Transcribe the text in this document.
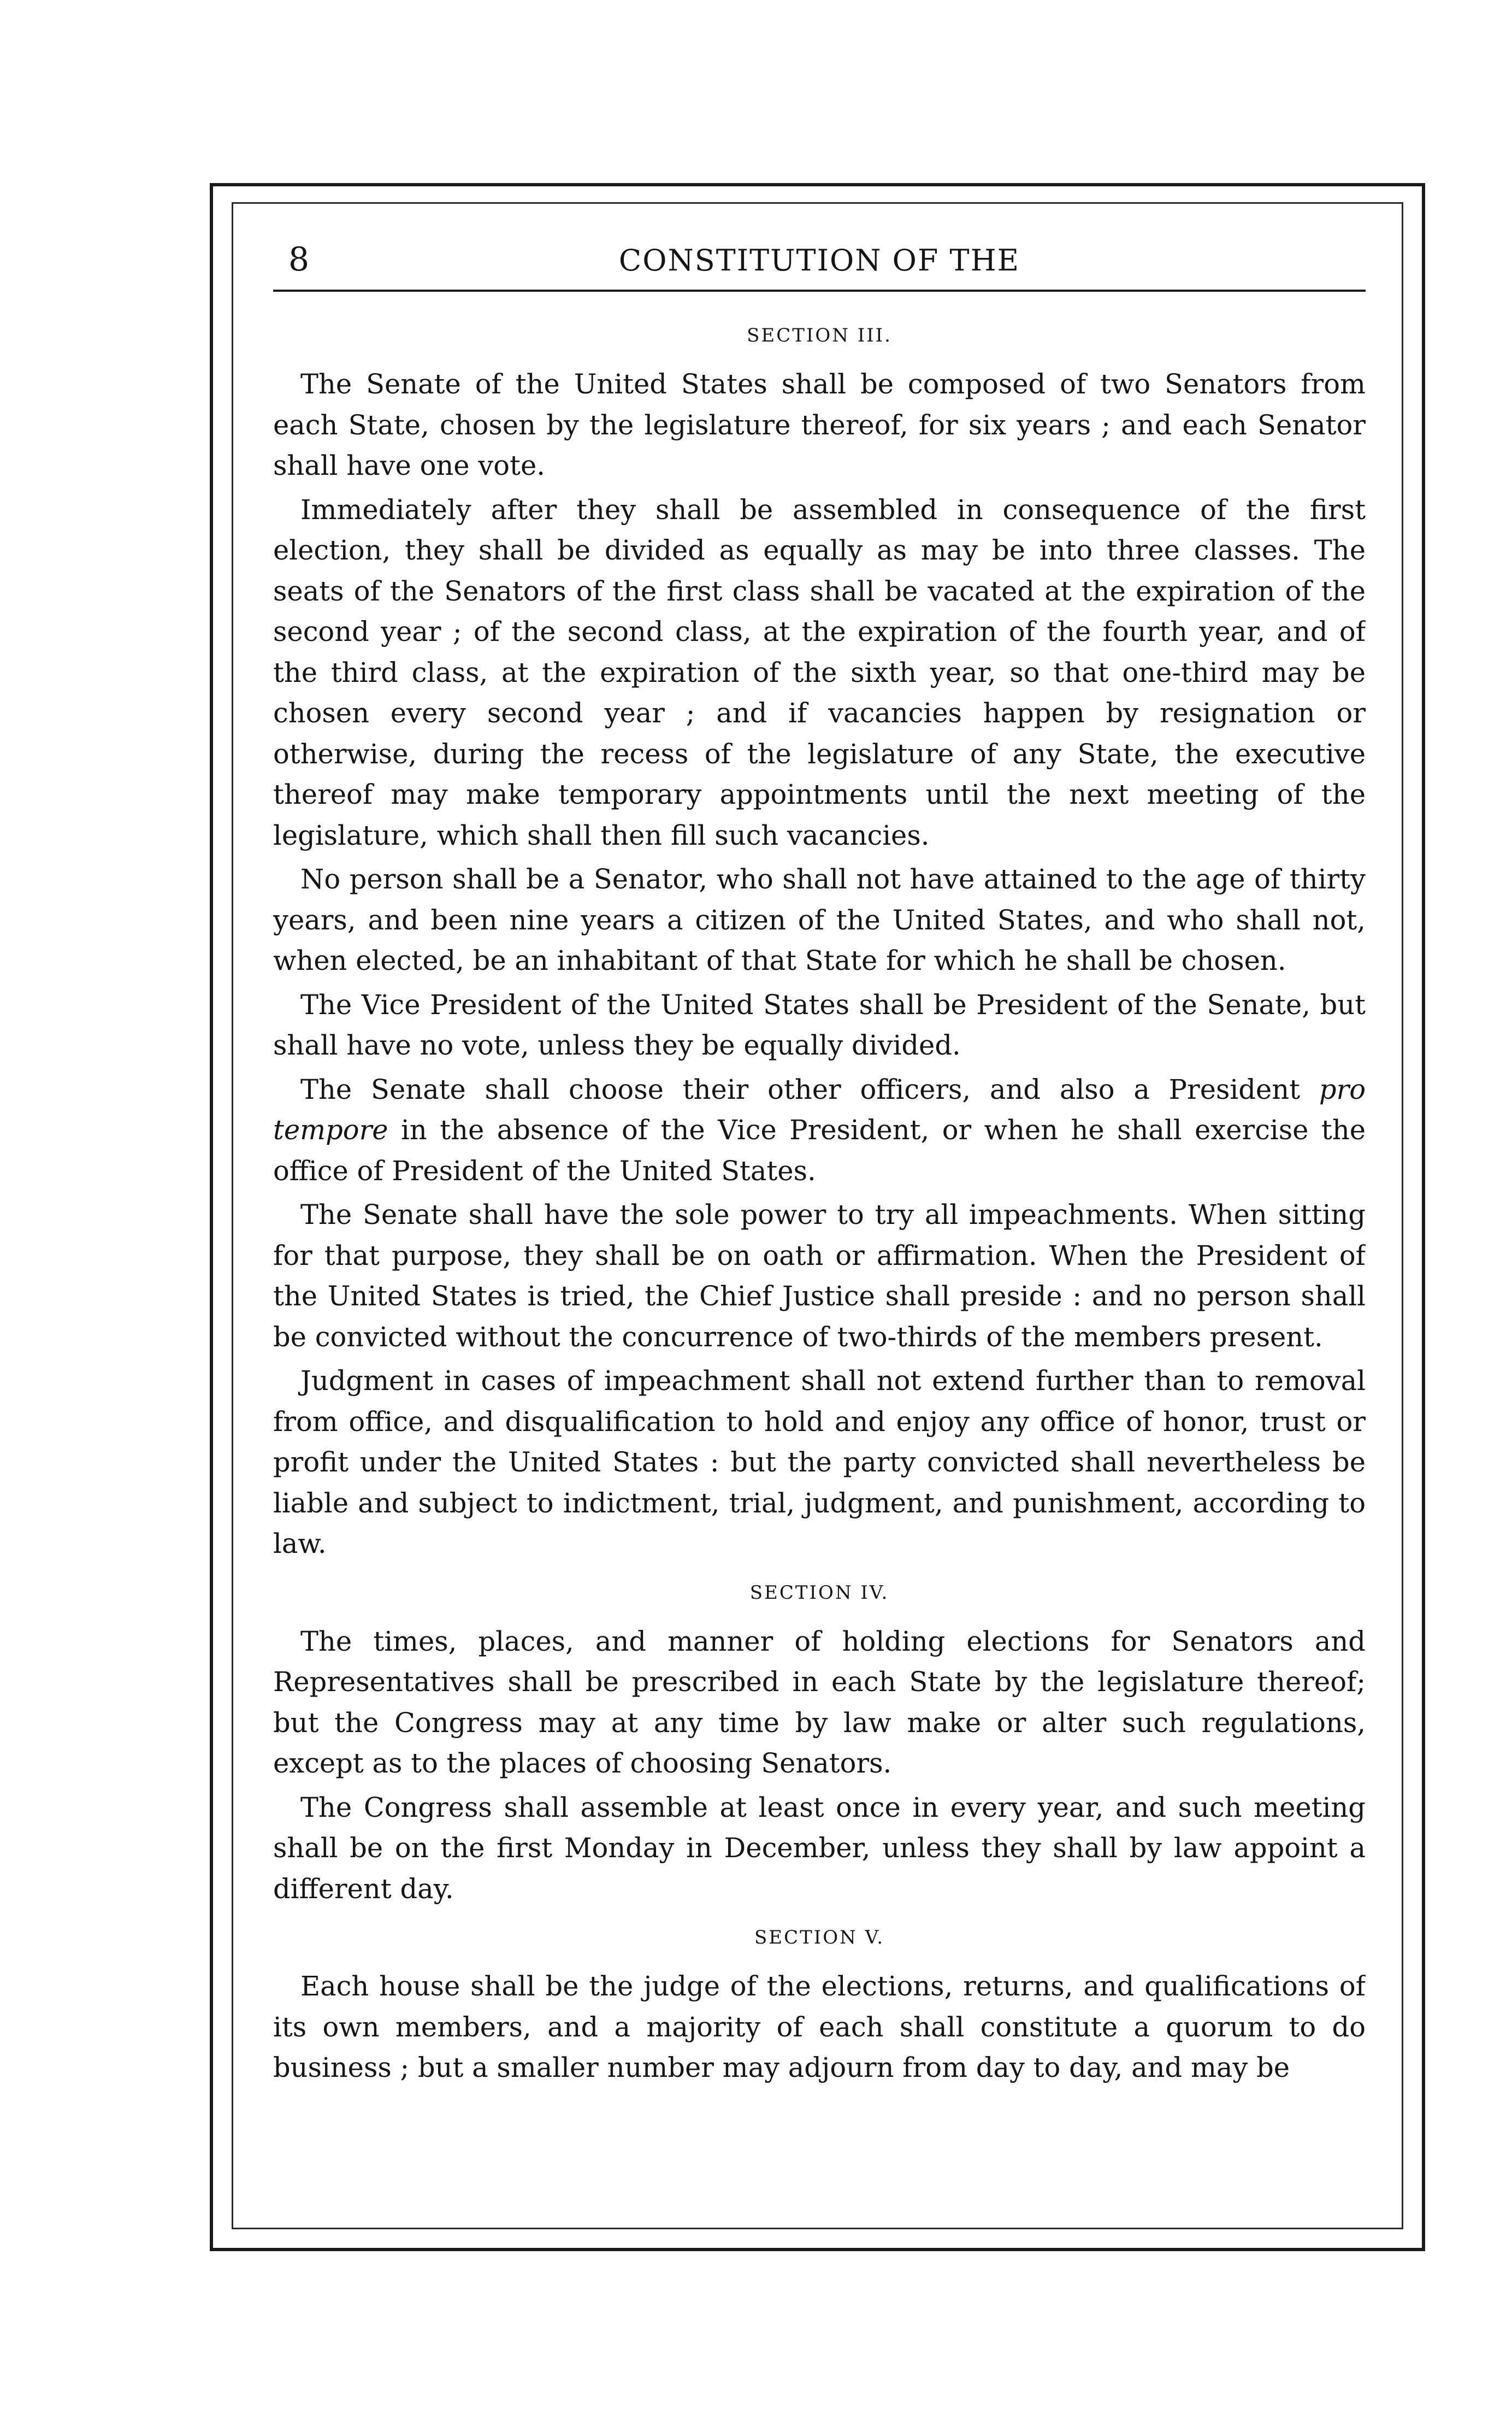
8	CONSTITUTION OF THE
SECTION III.

The Senate of the United States shall be composed of two Senators from each State, chosen by the legislature thereof, for six years ; and each Senator shall have one vote.

Immediately after they shall be assembled in consequence of the first election, they shall be divided as equally as may be into three classes. The seats of the Senators of the first class shall be vacated at the expiration of the second year ; of the second class, at the expiration of the fourth year, and of the third class, at the expiration of the sixth year, so that one-third may be chosen every second year ; and if vacancies happen by resignation or otherwise, during the recess of the legislature of any State, the executive thereof may make temporary appointments until the next meeting of the legislature, which shall then fill such vacancies.

No person shall be a Senator, who shall not have attained to the age of thirty years, and been nine years a citizen of the United States, and who shall not, when elected, be an inhabitant of that State for which he shall be chosen.

The Vice President of the United States shall be President of the Senate, but shall have no vote, unless they be equally divided.

The Senate shall choose their other officers, and also a President pro tempore in the absence of the Vice President, or when he shall exercise the office of President of the United States.

The Senate shall have the sole power to try all impeachments. When sitting for that purpose, they shall be on oath or affirmation. When the President of the United States is tried, the Chief Justice shall preside : and no person shall be convicted without the concurrence of two-thirds of the members present.

Judgment in cases of impeachment shall not extend further than to removal from office, and disqualification to hold and enjoy any office of honor, trust or profit under the United States : but the party convicted shall nevertheless be liable and subject to indictment, trial, judgment, and punishment, according to law.

SECTION IV.

The times, places, and manner of holding elections for Senators and Representatives shall be prescribed in each State by the legislature thereof; but the Congress may at any time by law make or alter such regulations, except as to the places of choosing Senators.

The Congress shall assemble at least once in every year, and such meeting shall be on the first Monday in December, unless they shall by law appoint a different day.

SECTION V.

Each house shall be the judge of the elections, returns, and qualifications of its own members, and a majority of each shall constitute a quorum to do business ; but a smaller number may adjourn from day to day, and may be
